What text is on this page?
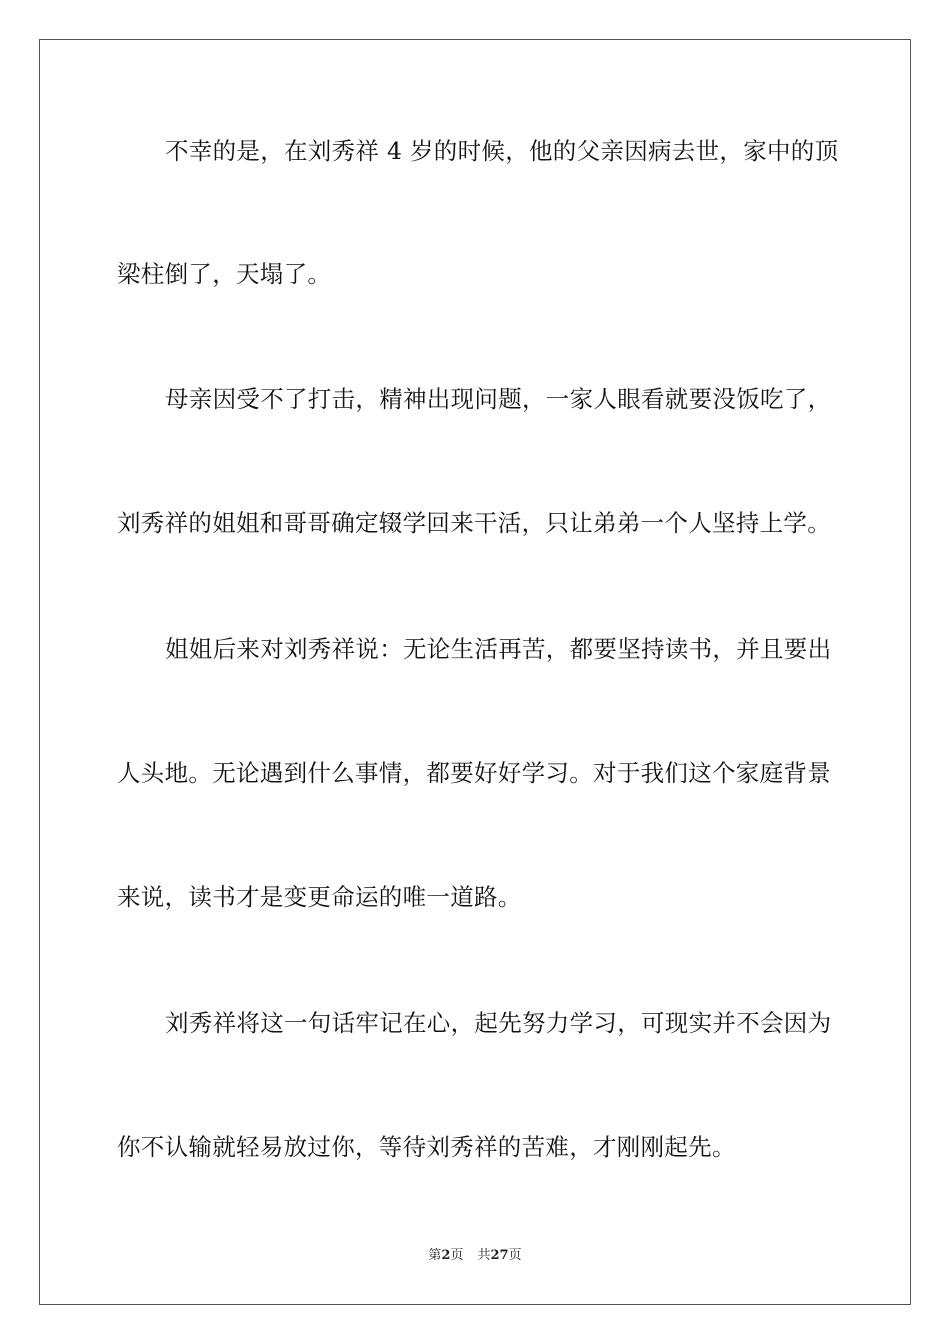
不幸的是，在刘秀祥 4 岁的时候，他的父亲因病去世，家中的顶
梁柱倒了，天塌了。
母亲因受不了打击，精神出现问题，一家人眼看就要没饭吃了，
刘秀祥的姐姐和哥哥确定辍学回来干活，只让弟弟一个人坚持上学。
姐姐后来对刘秀祥说：无论生活再苦，都要坚持读书，并且要出
人头地。无论遇到什么事情，都要好好学习。对于我们这个家庭背景
来说，读书才是变更命运的唯一道路。
刘秀祥将这一句话牢记在心，起先努力学习，可现实并不会因为
你不认输就轻易放过你，等待刘秀祥的苦难，才刚刚起先。
第2页 共27页
